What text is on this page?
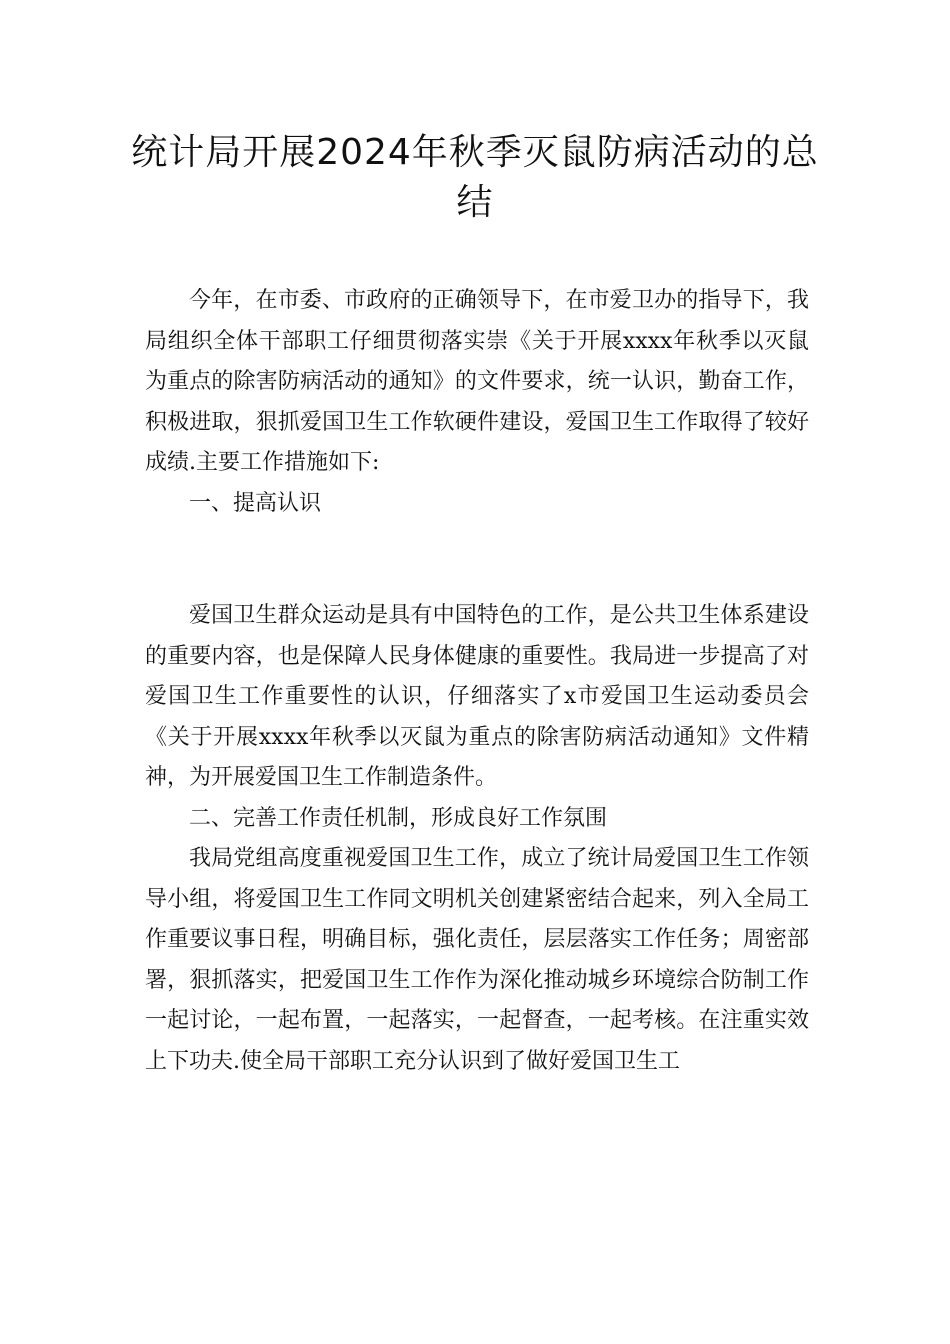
统计局开展2024年秋季灭鼠防病活动的总结

今年，在市委、市政府的正确领导下，在市爱卫办的指导下，我局组织全体干部职工仔细贯彻落实崇《关于开展xxxx年秋季以灭鼠为重点的除害防病活动的通知》的文件要求，统一认识，勤奋工作，积极进取，狠抓爱国卫生工作软硬件建设，爱国卫生工作取得了较好成绩.主要工作措施如下:

一、提高认识

爱国卫生群众运动是具有中国特色的工作，是公共卫生体系建设的重要内容，也是保障人民身体健康的重要性。我局进一步提高了对爱国卫生工作重要性的认识，仔细落实了x市爱国卫生运动委员会《关于开展xxxx年秋季以灭鼠为重点的除害防病活动通知》文件精神，为开展爱国卫生工作制造条件。

二、完善工作责任机制，形成良好工作氛围

我局党组高度重视爱国卫生工作，成立了统计局爱国卫生工作领导小组，将爱国卫生工作同文明机关创建紧密结合起来，列入全局工作重要议事日程，明确目标，强化责任，层层落实工作任务；周密部署，狠抓落实，把爱国卫生工作作为深化推动城乡环境综合防制工作一起讨论，一起布置，一起落实，一起督查，一起考核。在注重实效上下功夫.使全局干部职工充分认识到了做好爱国卫生工
